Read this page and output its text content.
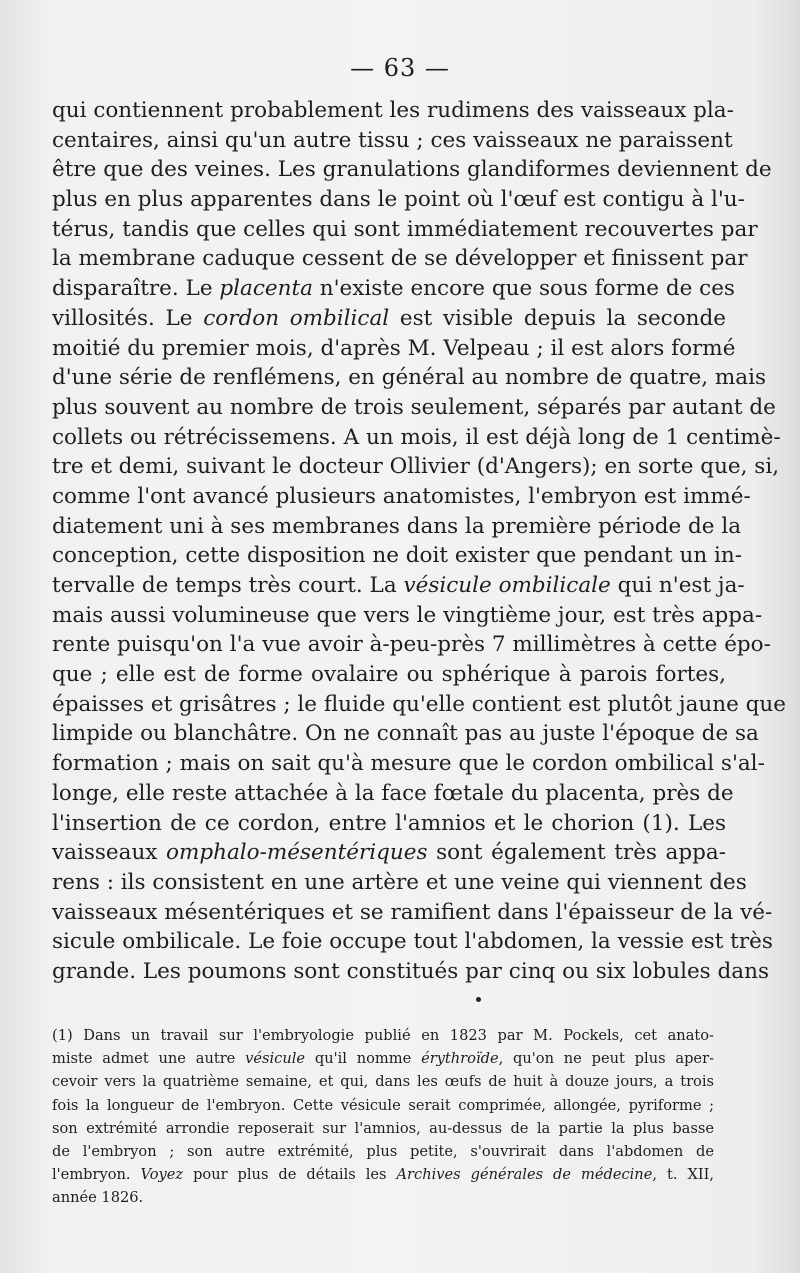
— 63 —
qui contiennent probablement les rudimens des vaisseaux pla-
centaires, ainsi qu'un autre tissu ; ces vaisseaux ne paraissent
être que des veines. Les granulations glandiformes deviennent de
plus en plus apparentes dans le point où l'œuf est contigu à l'u-
térus, tandis que celles qui sont immédiatement recouvertes par
la membrane caduque cessent de se développer et finissent par
disparaître. Le placenta n'existe encore que sous forme de ces
villosités. Le cordon ombilical est visible depuis la seconde
moitié du premier mois, d'après M. Velpeau ; il est alors formé
d'une série de renflémens, en général au nombre de quatre, mais
plus souvent au nombre de trois seulement, séparés par autant de
collets ou rétrécissemens. A un mois, il est déjà long de 1 centimè-
tre et demi, suivant le docteur Ollivier (d'Angers); en sorte que, si,
comme l'ont avancé plusieurs anatomistes, l'embryon est immé-
diatement uni à ses membranes dans la première période de la
conception, cette disposition ne doit exister que pendant un in-
tervalle de temps très court. La vésicule ombilicale qui n'est ja-
mais aussi volumineuse que vers le vingtième jour, est très appa-
rente puisqu'on l'a vue avoir à-peu-près 7 millimètres à cette épo-
que ; elle est de forme ovalaire ou sphérique à parois fortes,
épaisses et grisâtres ; le fluide qu'elle contient est plutôt jaune que
limpide ou blanchâtre. On ne connaît pas au juste l'époque de sa
formation ; mais on sait qu'à mesure que le cordon ombilical s'al-
longe, elle reste attachée à la face fœtale du placenta, près de
l'insertion de ce cordon, entre l'amnios et le chorion (1). Les
vaisseaux omphalo-mésentériques sont également très appa-
rens : ils consistent en une artère et une veine qui viennent des
vaisseaux mésentériques et se ramifient dans l'épaisseur de la vé-
sicule ombilicale. Le foie occupe tout l'abdomen, la vessie est très
grande. Les poumons sont constitués par cinq ou six lobules dans
(1) Dans un travail sur l'embryologie publié en 1823 par M. Pockels, cet anato-
miste admet une autre vésicule qu'il nomme érythroïde, qu'on ne peut plus aper-
cevoir vers la quatrième semaine, et qui, dans les œufs de huit à douze jours, a trois
fois la longueur de l'embryon. Cette vésicule serait comprimée, allongée, pyriforme ;
son extrémité arrondie reposerait sur l'amnios, au-dessus de la partie la plus basse
de l'embryon ; son autre extrémité, plus petite, s'ouvrirait dans l'abdomen de
l'embryon. Voyez pour plus de détails les Archives générales de médecine, t. XII,
année 1826.
